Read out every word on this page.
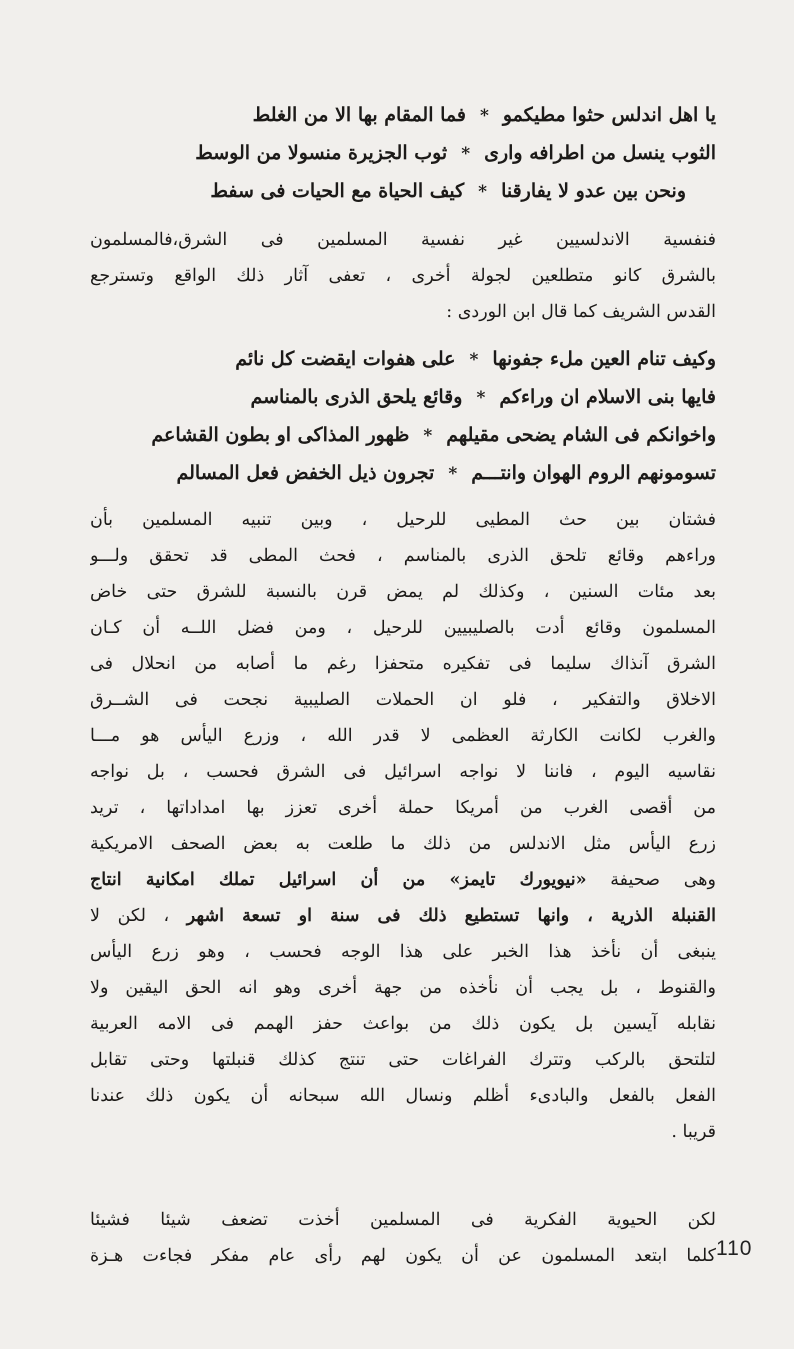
يا اهل اندلس حثوا مطيكمو*فما المقام بها الا من الغلط
الثوب ينسل من اطرافه وارى*ثوب الجزيرة منسولا من الوسط
ونحن بين عدو لا يفارقنا*كيف الحياة مع الحيات فى سفط
فنفسية الاندلسيين غير نفسية المسلمين فى الشرق،فالمسلمون
بالشرق كانو متطلعين لجولة أخرى ، تعفى آثار ذلك الواقع وتسترجع
القدس الشريف كما قال ابن الوردى :
وكيف تنام العين مل‌ء جفونها*على هفوات ايقضت كل نائم
فايها بنى الاسلام ان وراءكم*وقائع يلحق الذرى بالمناسم
واخوانكم فى الشام يضحى مقيلهم*ظهور المذاكى او بطون القشاعم
تسومونهم الروم الهوان وانتـــم*تجرون ذيل الخفض فعل المسالم
فشتان بين حث المطيى للرحيل ، وبين تنبيه المسلمين بأن
وراءهم وقائع تلحق الذرى بالمناسم ، فحث المطى قد تحقق ولـــو
بعد مئات السنين ، وكذلك لم يمض قرن بالنسبة للشرق حتى خاض
المسلمون وقائع أدت بالصليبيين للرحيل ، ومن فضل اللــه أن كـان
الشرق آنذاك سليما فى تفكيره متحفزا رغم ما أصابه من انحلال فى
الاخلاق والتفكير ، فلو ان الحملات الصليبية نجحت فى الشــرق
والغرب لكانت الكارثة العظمى لا قدر الله ، وزرع اليأس هو مـــا
نقاسيه اليوم ، فاننا لا نواجه اسرائيل فى الشرق فحسب ، بل نواجه
من أقصى الغرب من أمريكا حملة أخرى تعزز بها امداداتها ، تريد
زرع اليأس مثل الاندلس من ذلك ما طلعت به بعض الصحف الامريكية
وهى صحيفة «نيويورك تايمز» من أن اسرائيل تملك امكانية انتاج
القنبلة الذرية ، وانها تستطيع ذلك فى سنة او تسعة اشهر ، لكن لا
ينبغى أن نأخذ هذا الخبر على هذا الوجه فحسب ، وهو زرع اليأس
والقنوط ، بل يجب أن نأخذه من جهة أخرى وهو انه الحق اليقين ولا
نقابله آيسين بل يكون ذلك من بواعث حفز الهمم فى الامه العربية
لتلتحق بالركب وتترك الفراغات حتى تنتج كذلك قنبلتها وحتى تقابل
الفعل بالفعل والبادىء أظلم ونسال الله سبحانه أن يكون ذلك عندنا
قريبا .
لكن الحيوية الفكرية فى المسلمين أخذت تضعف شيئا فشيئا
كلما ابتعد المسلمون عن أن يكون لهم رأى عام مفكر فجاءت هـزة 110
